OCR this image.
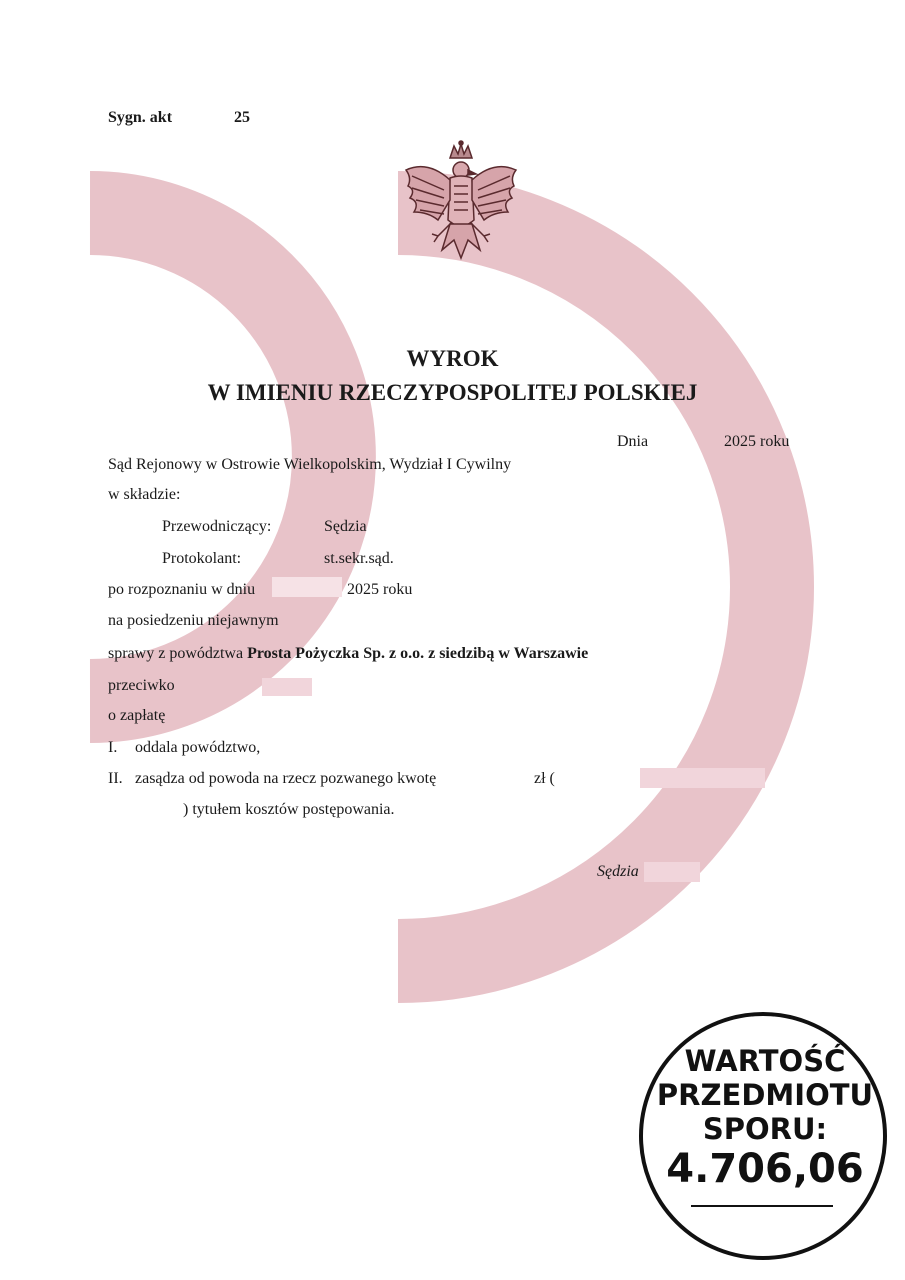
Sygn. akt	25
WYROK
W IMIENIU RZECZYPOSPOLITEJ POLSKIEJ
Dnia	2025 roku
Sąd Rejonowy w Ostrowie Wielkopolskim, Wydział I Cywilny
w składzie:
Przewodniczący:	Sędzia
Protokolant:	st.sekr.sąd.
po rozpoznaniu w dniu	2025 roku
na posiedzeniu niejawnym
sprawy z powództwa Prosta Pożyczka Sp. z o.o. z siedzibą w Warszawie
przeciwko
o zapłatę
I. oddala powództwo,
II. zasądza od powoda na rzecz pozwanego kwotę	zł (
) tytułem kosztów postępowania.
Sędzia
WARTOŚĆ
PRZEDMIOTU
SPORU:
4.706,06
